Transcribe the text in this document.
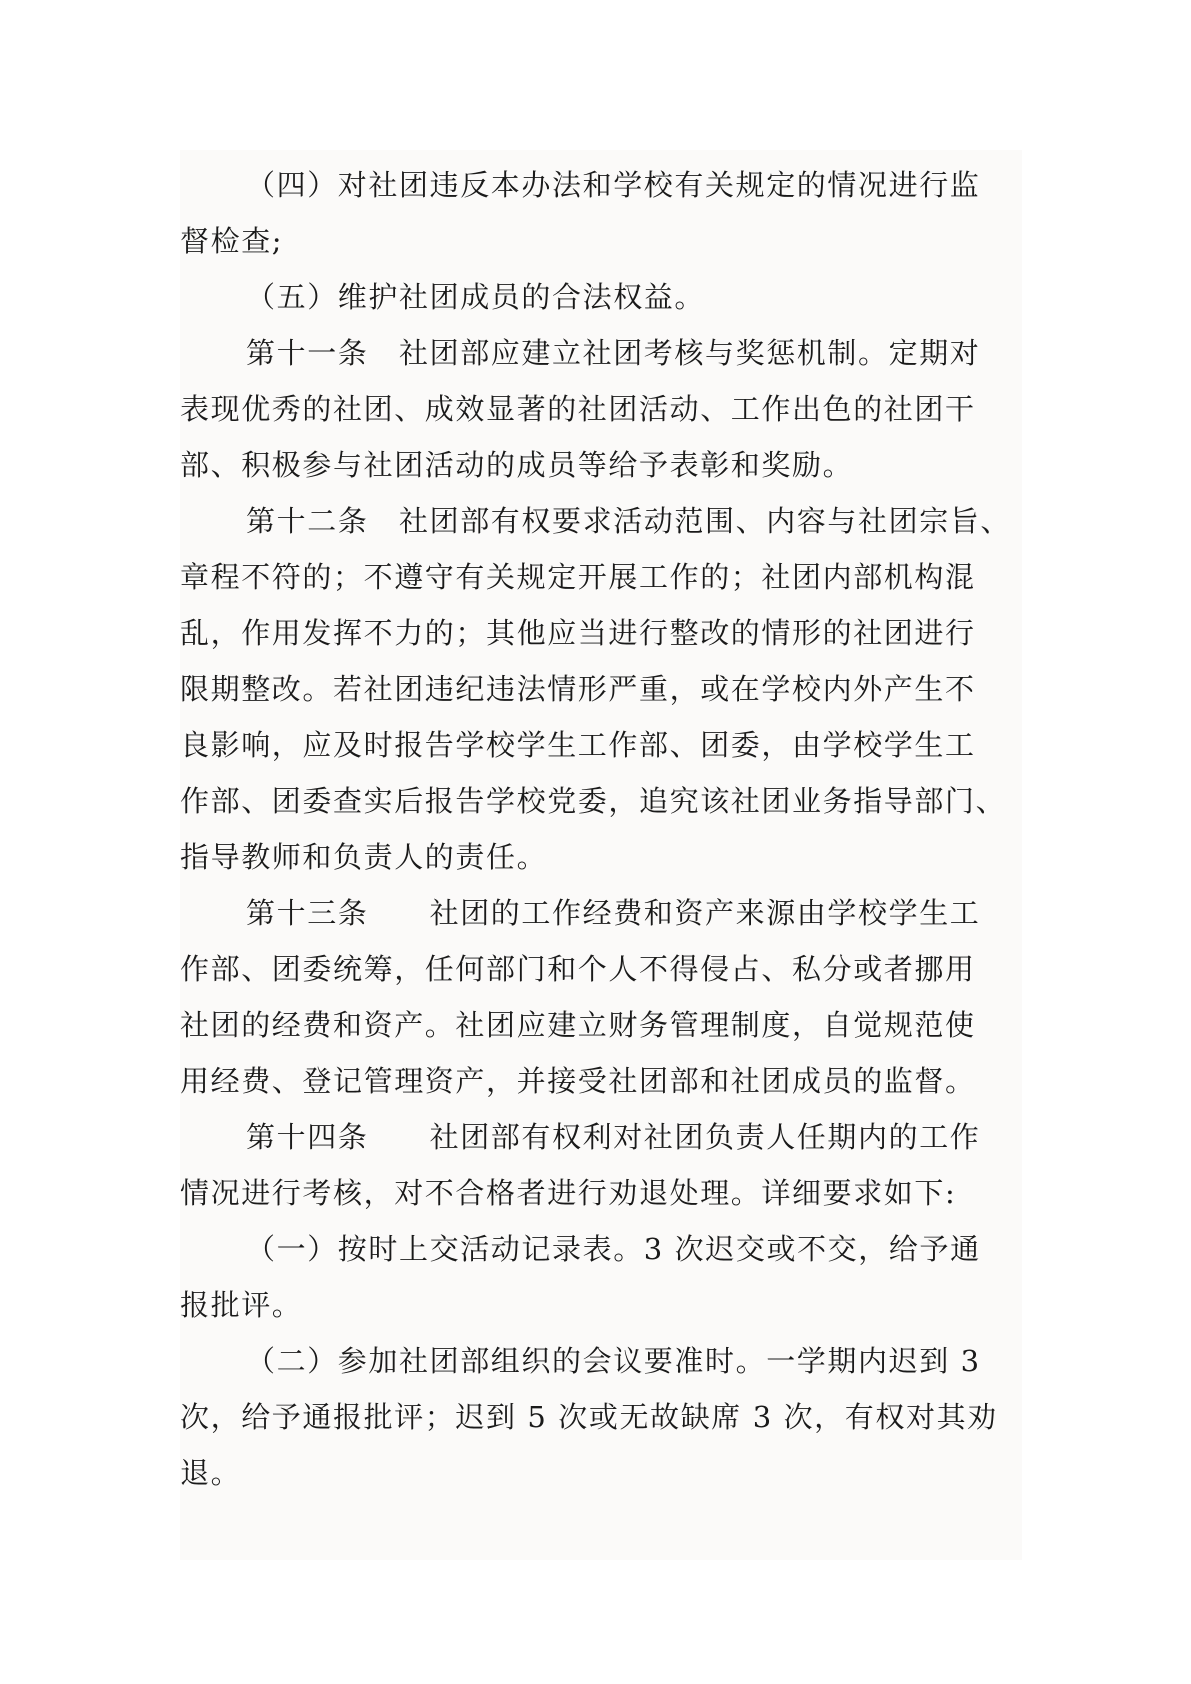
（四）对社团违反本办法和学校有关规定的情况进行监
督检查;
（五）维护社团成员的合法权益。
第十一条　社团部应建立社团考核与奖惩机制。定期对
表现优秀的社团、成效显著的社团活动、工作出色的社团干
部、积极参与社团活动的成员等给予表彰和奖励。
第十二条　社团部有权要求活动范围、内容与社团宗旨、
章程不符的；不遵守有关规定开展工作的；社团内部机构混
乱，作用发挥不力的；其他应当进行整改的情形的社团进行
限期整改。若社团违纪违法情形严重，或在学校内外产生不
良影响，应及时报告学校学生工作部、团委，由学校学生工
作部、团委查实后报告学校党委，追究该社团业务指导部门、
指导教师和负责人的责任。
第十三条　　社团的工作经费和资产来源由学校学生工
作部、团委统筹，任何部门和个人不得侵占、私分或者挪用
社团的经费和资产。社团应建立财务管理制度，自觉规范使
用经费、登记管理资产，并接受社团部和社团成员的监督。
第十四条　　社团部有权利对社团负责人任期内的工作
情况进行考核，对不合格者进行劝退处理。详细要求如下:
（一）按时上交活动记录表。3 次迟交或不交，给予通
报批评。
（二）参加社团部组织的会议要准时。一学期内迟到 3
次，给予通报批评；迟到 5 次或无故缺席 3 次，有权对其劝
退。
